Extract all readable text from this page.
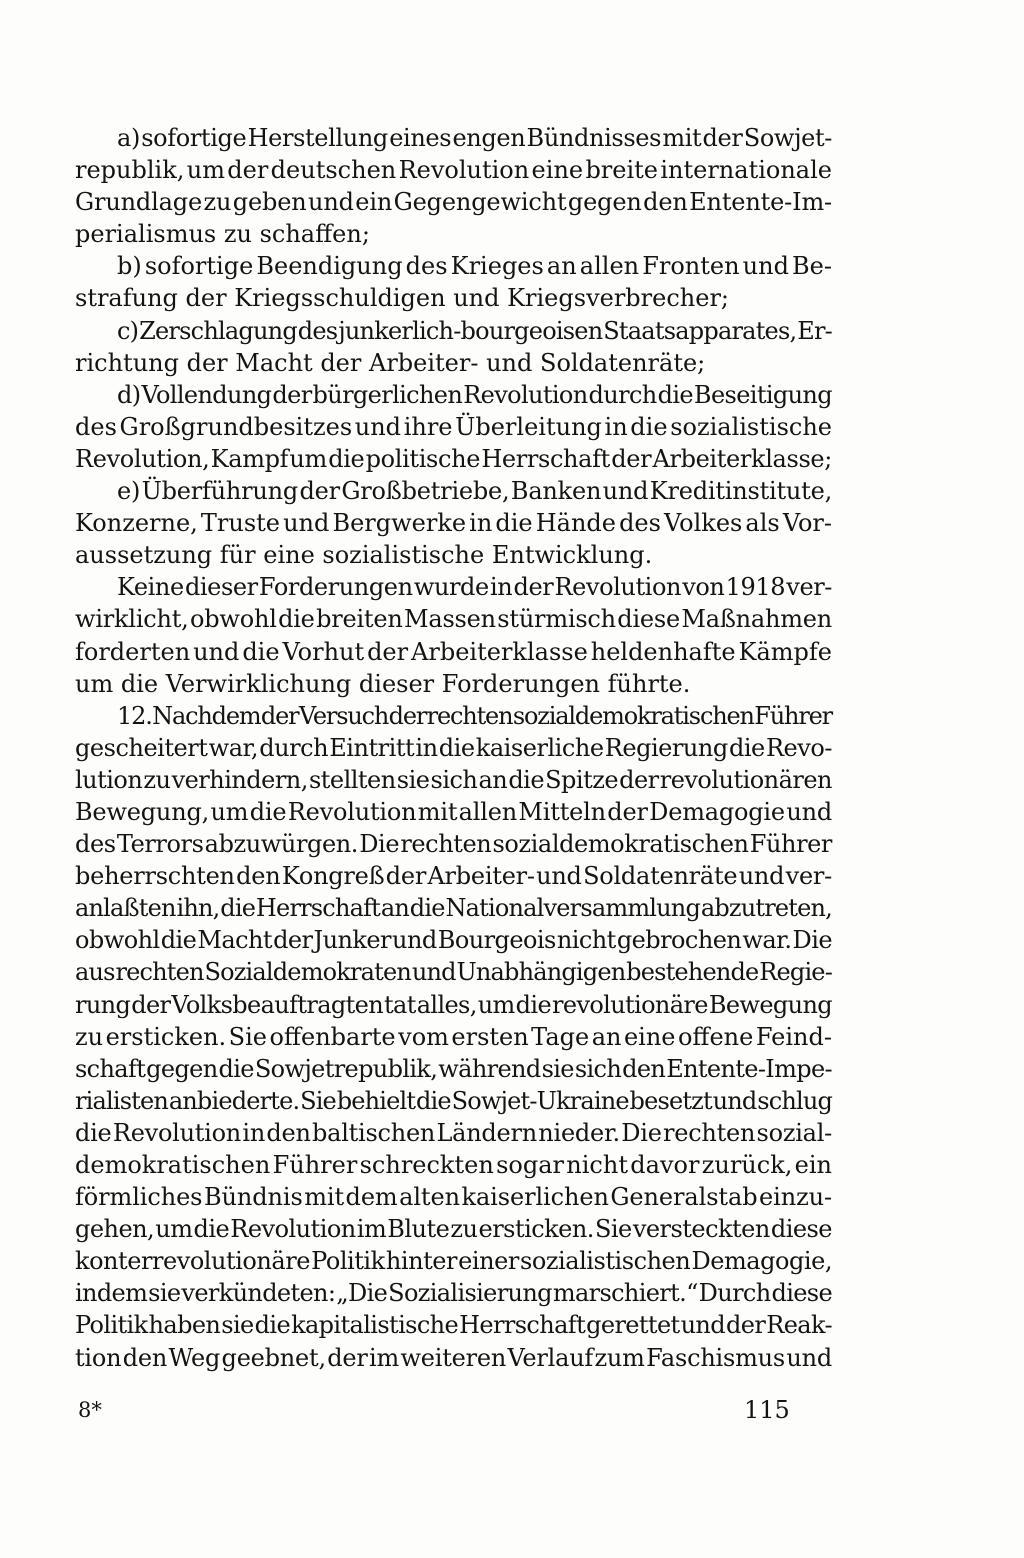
a) sofortige Herstellung eines engen Bündnisses mit der Sowjet-
republik, um der deutschen Revolution eine breite internationale
Grundlage zu geben und ein Gegengewicht gegen den Entente-Im-
perialismus zu schaffen;
b) sofortige Beendigung des Krieges an allen Fronten und Be-
strafung der Kriegsschuldigen und Kriegsverbrecher;
c) Zerschlagung des junkerlich-bourgeoisen Staatsapparates, Er-
richtung der Macht der Arbeiter- und Soldatenräte;
d) Vollendung der bürgerlichen Revolution durch die Beseitigung
des Großgrundbesitzes und ihre Überleitung in die sozialistische
Revolution, Kampf um die politische Herrschaft der Arbeiterklasse;
e) Überführung der Großbetriebe, Banken und Kreditinstitute,
Konzerne, Truste und Bergwerke in die Hände des Volkes als Vor-
aussetzung für eine sozialistische Entwicklung.
Keine dieser Forderungen wurde in der Revolution von 1918 ver-
wirklicht, obwohl die breiten Massen stürmisch diese Maßnahmen
forderten und die Vorhut der Arbeiterklasse heldenhafte Kämpfe
um die Verwirklichung dieser Forderungen führte.
12. Nachdem der Versuch der rechten sozialdemokratischen Führer
gescheitert war, durch Eintritt in die kaiserliche Regierung die Revo-
lution zu verhindern, stellten sie sich an die Spitze der revolutionären
Bewegung, um die Revolution mit allen Mitteln der Demagogie und
des Terrors abzuwürgen. Die rechten sozialdemokratischen Führer
beherrschten den Kongreß der Arbeiter- und Soldatenräte und ver-
anlaßten ihn, die Herrschaft an die Nationalversammlung abzutreten,
obwohl die Macht der Junker und Bourgeois nicht gebrochen war. Die
aus rechten Sozialdemokraten und Unabhängigen bestehende Regie-
rung der Volksbeauftragten tat alles, um die revolutionäre Bewegung
zu ersticken. Sie offenbarte vom ersten Tage an eine offene Feind-
schaft gegen die Sowjetrepublik, während sie sich den Entente-Impe-
rialisten anbiederte. Sie behielt die Sowjet-Ukraine besetzt und schlug
die Revolution in den baltischen Ländern nieder. Die rechten sozial-
demokratischen Führer schreckten sogar nicht davor zurück, ein
förmliches Bündnis mit dem alten kaiserlichen Generalstab einzu-
gehen, um die Revolution im Blute zu ersticken. Sie versteckten diese
konterrevolutionäre Politik hinter einer sozialistischen Demagogie,
indem sie verkündeten: „Die Sozialisierung marschiert.“ Durch diese
Politik haben sie die kapitalistische Herrschaft gerettet und der Reak-
tion den Weg geebnet, der im weiteren Verlauf zum Faschismus und
8*	115
